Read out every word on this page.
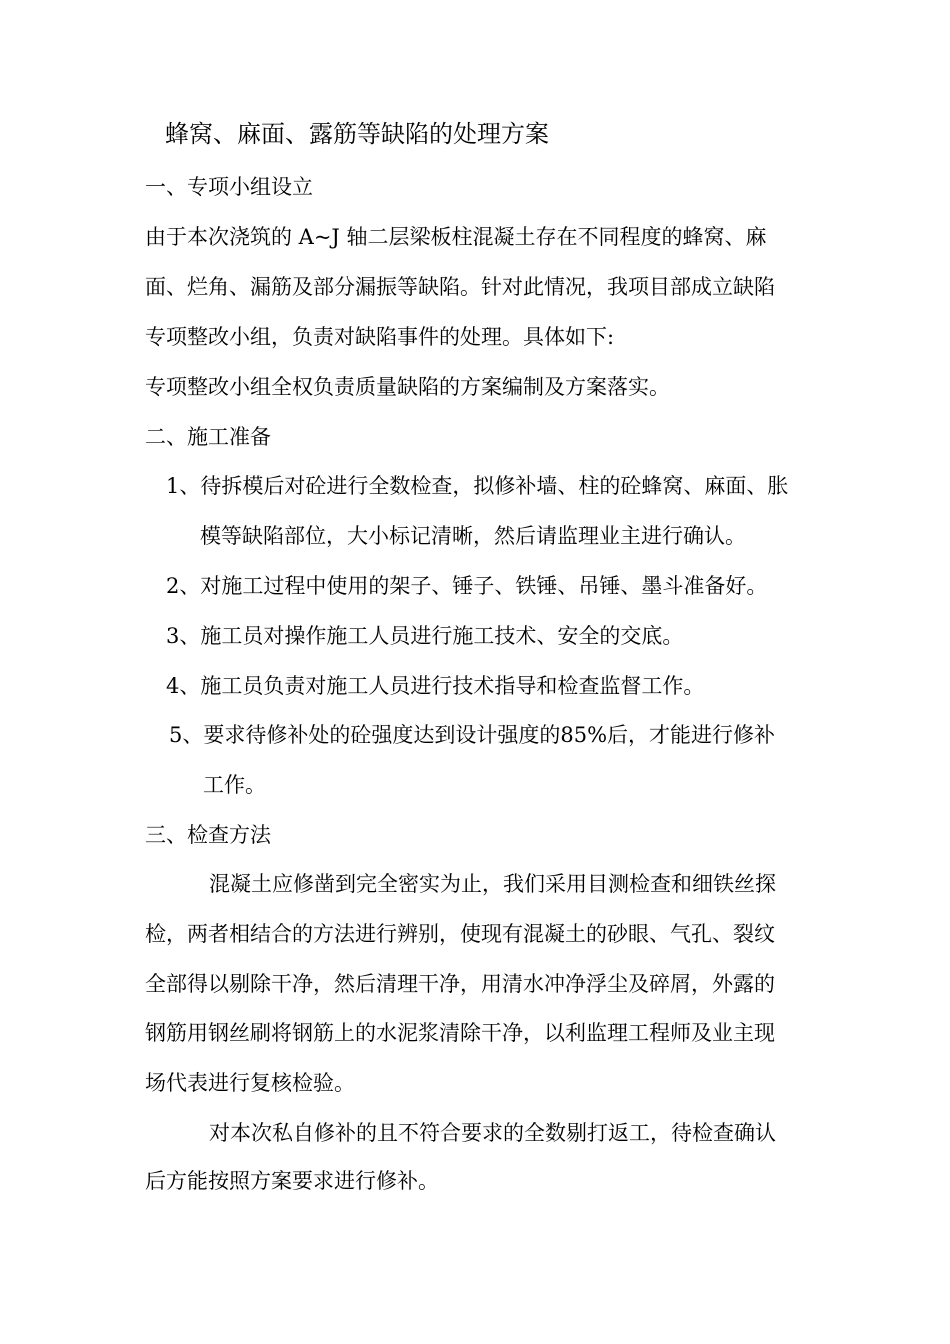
蜂窝、麻面、露筋等缺陷的处理方案
一、专项小组设立
由于本次浇筑的 A~J 轴二层梁板柱混凝土存在不同程度的蜂窝、麻
面、烂角、漏筋及部分漏振等缺陷。针对此情况，我项目部成立缺陷
专项整改小组，负责对缺陷事件的处理。具体如下:
专项整改小组全权负责质量缺陷的方案编制及方案落实。
二、施工准备
1、待拆模后对砼进行全数检查，拟修补墙、柱的砼蜂窝、麻面、胀
模等缺陷部位，大小标记清晰，然后请监理业主进行确认。
2、对施工过程中使用的架子、锤子、铁锤、吊锤、墨斗准备好。
3、施工员对操作施工人员进行施工技术、安全的交底。
4、施工员负责对施工人员进行技术指导和检查监督工作。
5、要求待修补处的砼强度达到设计强度的85%后，才能进行修补
工作。
三、检查方法
混凝土应修凿到完全密实为止，我们采用目测检查和细铁丝探
检，两者相结合的方法进行辨别，使现有混凝土的砂眼、气孔、裂纹
全部得以剔除干净，然后清理干净，用清水冲净浮尘及碎屑，外露的
钢筋用钢丝刷将钢筋上的水泥浆清除干净，以利监理工程师及业主现
场代表进行复核检验。
对本次私自修补的且不符合要求的全数剔打返工，待检查确认
后方能按照方案要求进行修补。
